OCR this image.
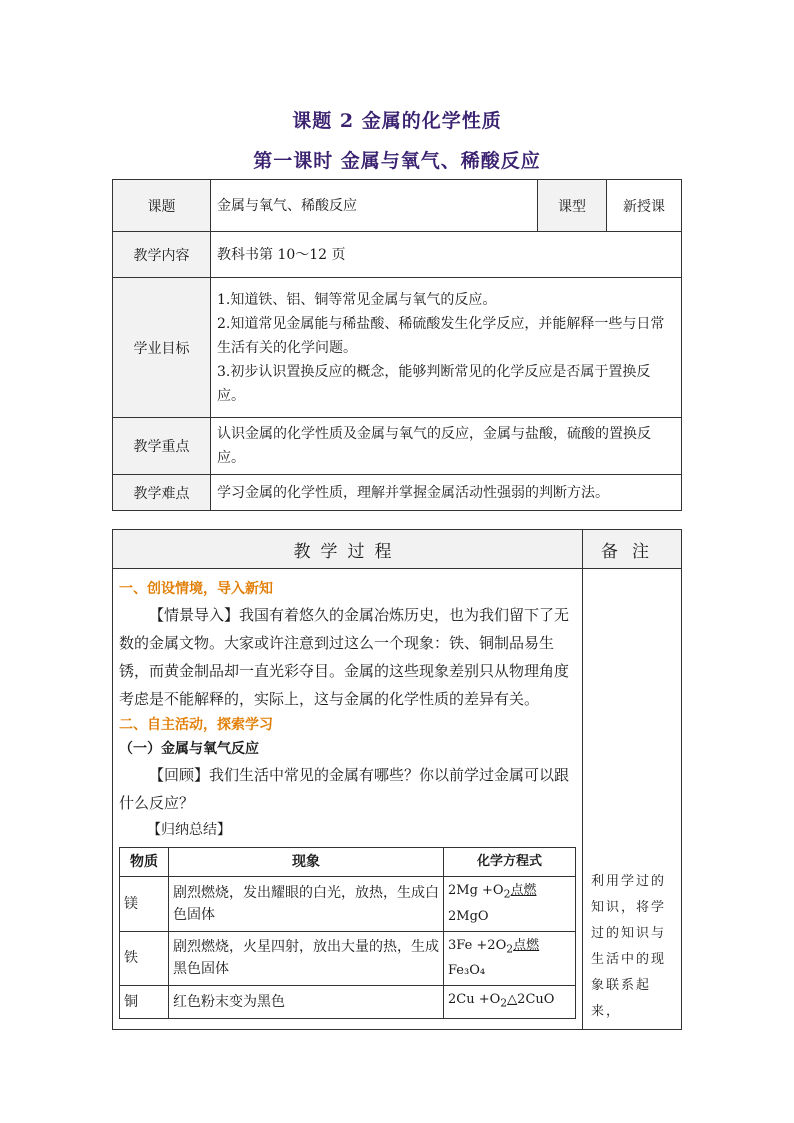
课题 2 金属的化学性质
第一课时 金属与氧气、稀酸反应
课题	金属与氧气、稀酸反应	课型	新授课
教学内容	教科书第 10～12 页		
学业目标	1.知道铁、铝、铜等常见金属与氧气的反应。
2.知道常见金属能与稀盐酸、稀硫酸发生化学反应，并能解释一些与日常生活有关的化学问题。
3.初步认识置换反应的概念，能够判断常见的化学反应是否属于置换反应。		

教学重点	认识金属的化学性质及金属与氧气的反应，金属与盐酸，硫酸的置换反应。		
教学难点	学习金属的化学性质，理解并掌握金属活动性强弱的判断方法。		
教学过程	备注

一、创设情境，导入新知

【情景导入】我国有着悠久的金属冶炼历史，也为我们留下了无数的金属文物。大家或许注意到过这么一个现象：铁、铜制品易生锈，而黄金制品却一直光彩夺目。金属的这些现象差别只从物理角度考虑是不能解释的，实际上，这与金属的化学性质的差异有关。

二、自主活动，探索学习
（一）金属与氧气反应

【回顾】我们生活中常见的金属有哪些？你以前学过金属可以跟什么反应？

【归纳总结】

物质	现象	化学方程式
镁	剧烈燃烧，发出耀眼的白光，放热，生成白色固体	$2Mg +O_2$点燃 2MgO
铁	剧烈燃烧，火星四射，放出大量的热，生成黑色固体	$3Fe +2O_2$点燃 Fe₃O₄
铜	红色粉末变为黑色	$2Cu +O_2\triangle 2CuO$
	利用学过的知识，将学过的知识与生活中的现象联系起来，
